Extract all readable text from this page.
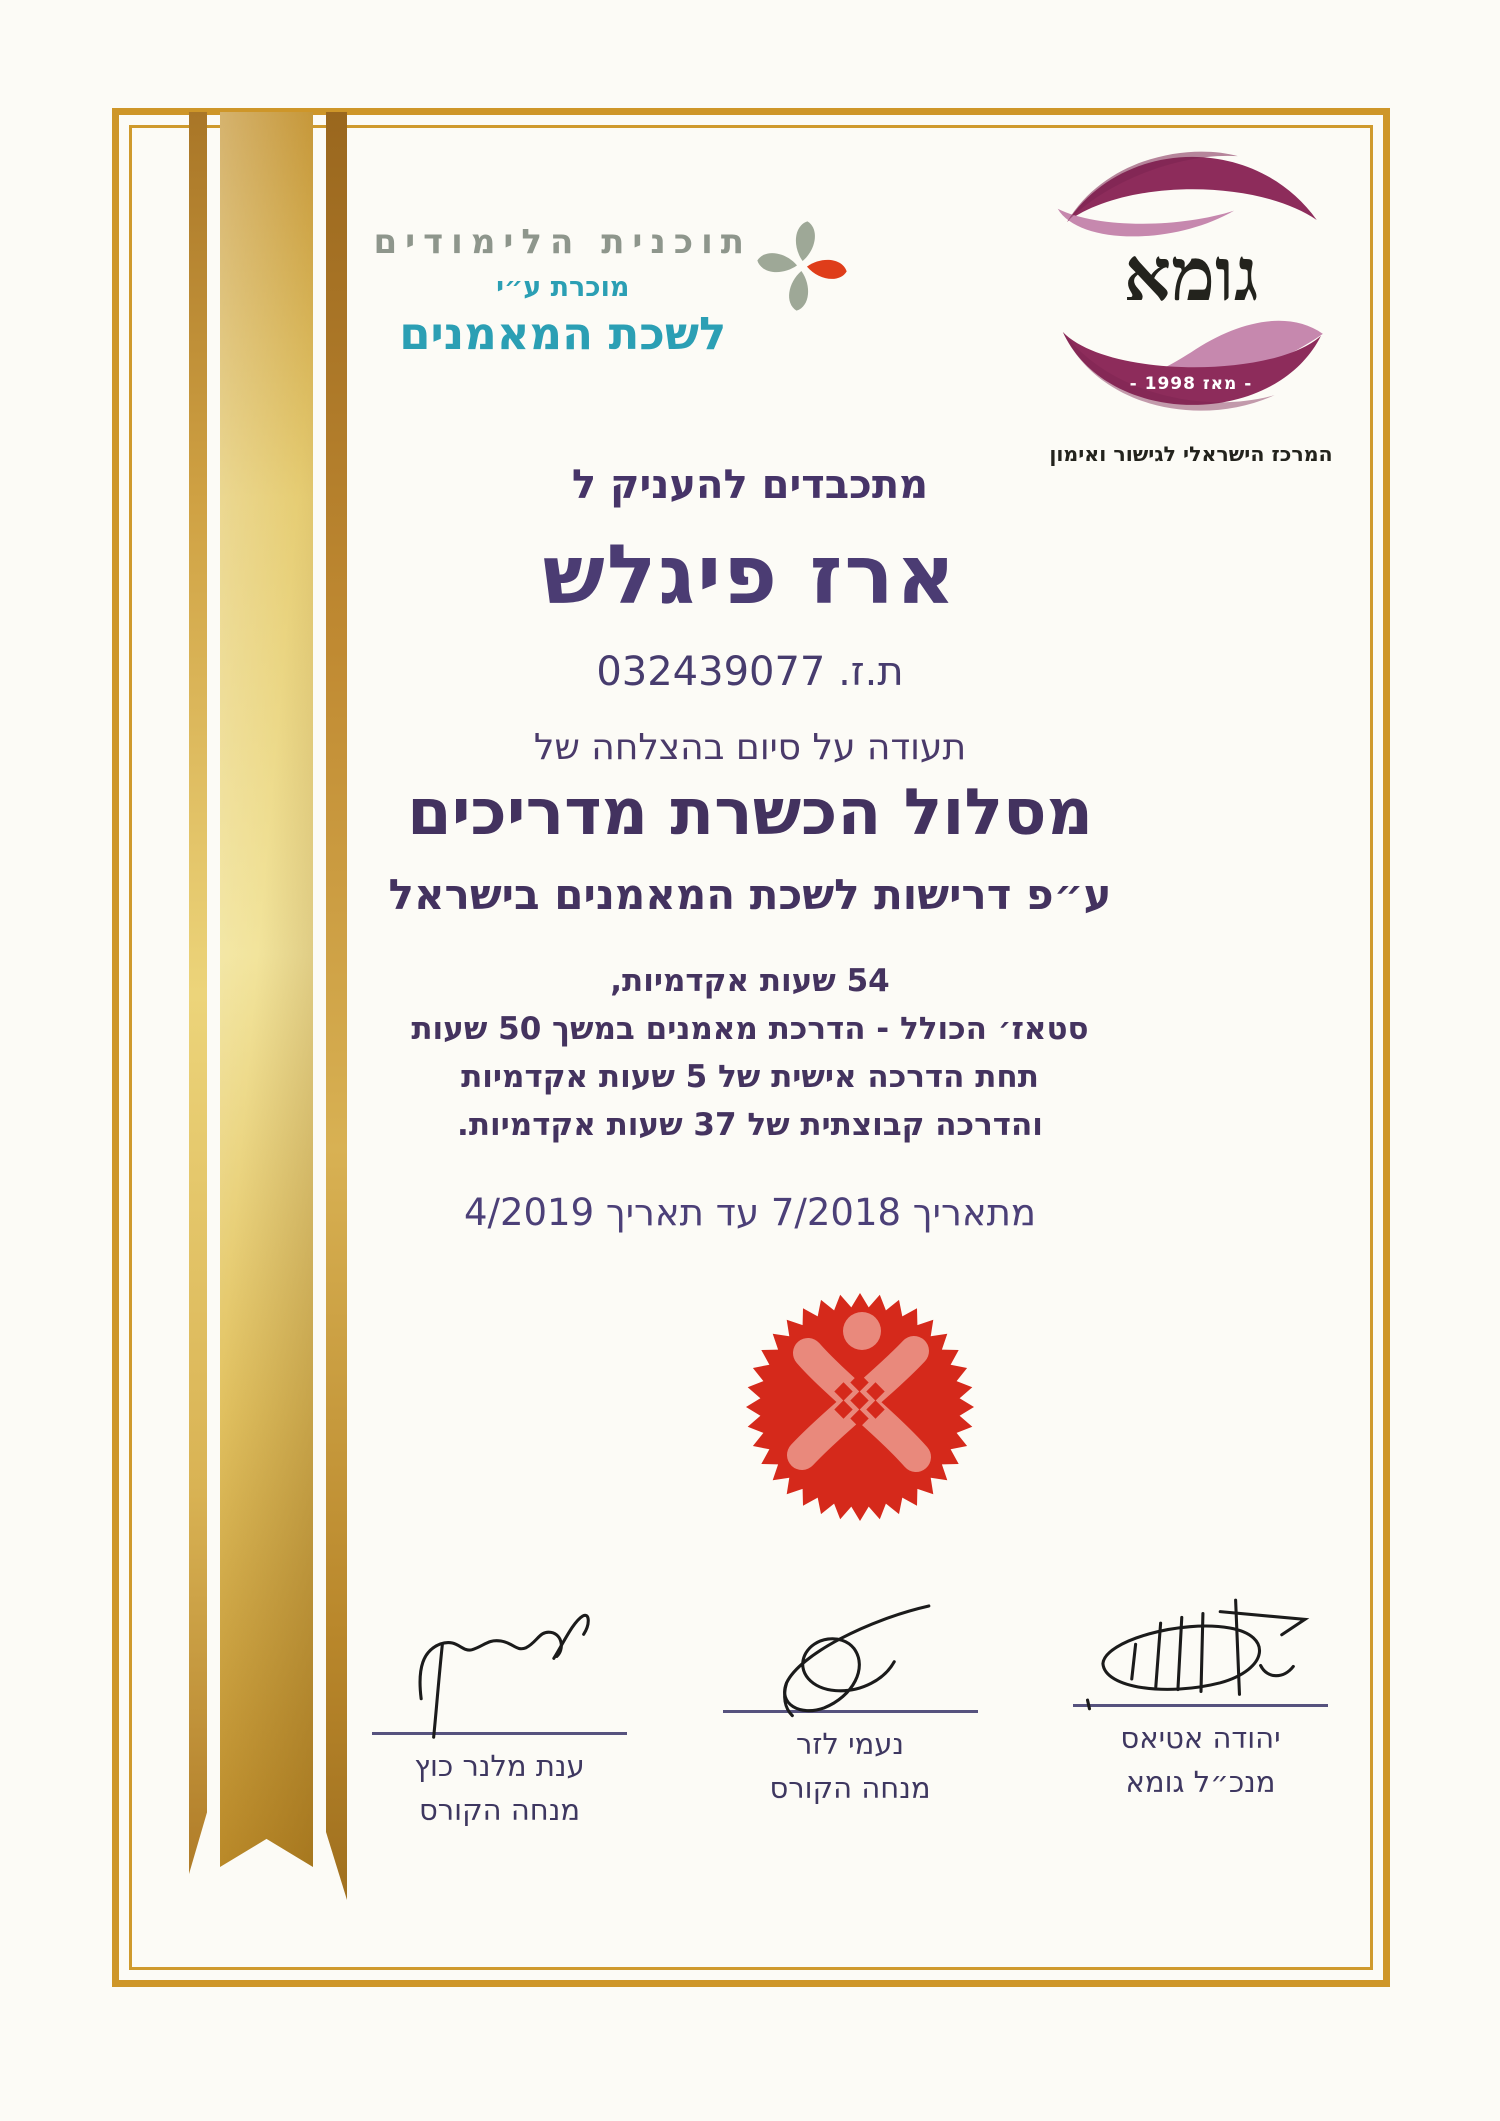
תוכנית הלימודים
מוכרת ע״י
לשכת המאמנים
גומא
- מאז 1998 -
המרכז הישראלי לגישור ואימון
מתכבדים להעניק ל
ארז פיגלש
ת.ז. 032439077
תעודה על סיום בהצלחה של
מסלול הכשרת מדריכים
ע״פ דרישות לשכת המאמנים בישראל
54 שעות אקדמיות,
סטאז׳ הכולל - הדרכת מאמנים במשך 50 שעות
תחת הדרכה אישית של 5 שעות אקדמיות
והדרכה קבוצתית של 37 שעות אקדמיות.
מתאריך 7/2018 עד תאריך 4/2019
יהודה אטיאס
מנכ״ל גומא
נעמי לזר
מנחה הקורס
ענת מלנר כוץ
מנחה הקורס
